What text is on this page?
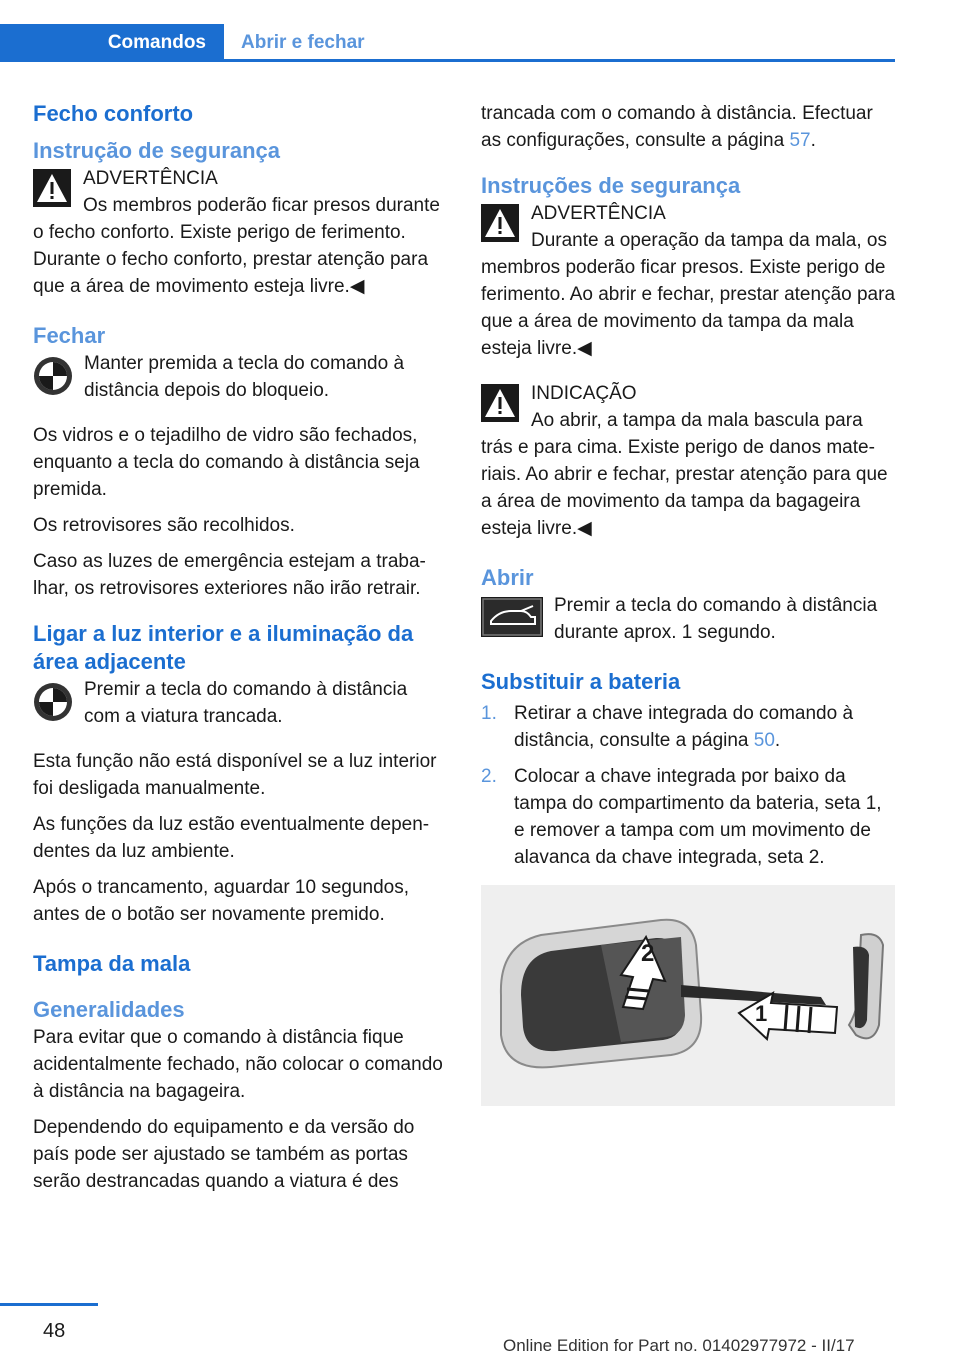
Comandos	Abrir e fechar
Fecho conforto
Instrução de segurança

ADVERTÊNCIA

Os membros poderão ficar presos durante o fecho conforto. Existe perigo de ferimento. Durante o fecho conforto, prestar atenção para que a área de movimento esteja livre.◀

Fechar

Manter premida a tecla do comando à distância depois do bloqueio.

Os vidros e o tejadilho de vidro são fechados, enquanto a tecla do comando à distância seja premida.

Os retrovisores são recolhidos.

Caso as luzes de emergência estejam a trabalhar, os retrovisores exteriores não irão retrair.

Ligar a luz interior e a iluminação da área adjacente

Premir a tecla do comando à distância com a viatura trancada.

Esta função não está disponível se a luz interior foi desligada manualmente.

As funções da luz estão eventualmente dependentes da luz ambiente.

Após o trancamento, aguardar 10 segundos, antes de o botão ser novamente premido.

Tampa da mala
Generalidades

Para evitar que o comando à distância fique acidentalmente fechado, não colocar o comando à distância na bagageira.

Dependendo do equipamento e da versão do país pode ser ajustado se também as portas serão destrancadas quando a viatura é des

trancada com o comando à distância. Efectuar as configurações, consulte a página 57.

Instruções de segurança

ADVERTÊNCIA

Durante a operação da tampa da mala, os membros poderão ficar presos. Existe perigo de ferimento. Ao abrir e fechar, prestar atenção para que a área de movimento da tampa da mala esteja livre.◀

INDICAÇÃO

Ao abrir, a tampa da mala bascula para trás e para cima. Existe perigo de danos materiais. Ao abrir e fechar, prestar atenção para que a área de movimento da tampa da bagageira esteja livre.◀

Abrir

Premir a tecla do comando à distância durante aprox. 1 segundo.

Substituir a bateria
1. Retirar a chave integrada do comando à distância, consulte a página 50.
2. Colocar a chave integrada por baixo da tampa do compartimento da bateria, seta 1, e remover a tampa com um movimento de alavanca da chave integrada, seta 2.
2
1
48
Online Edition for Part no. 01402977972 - II/17
